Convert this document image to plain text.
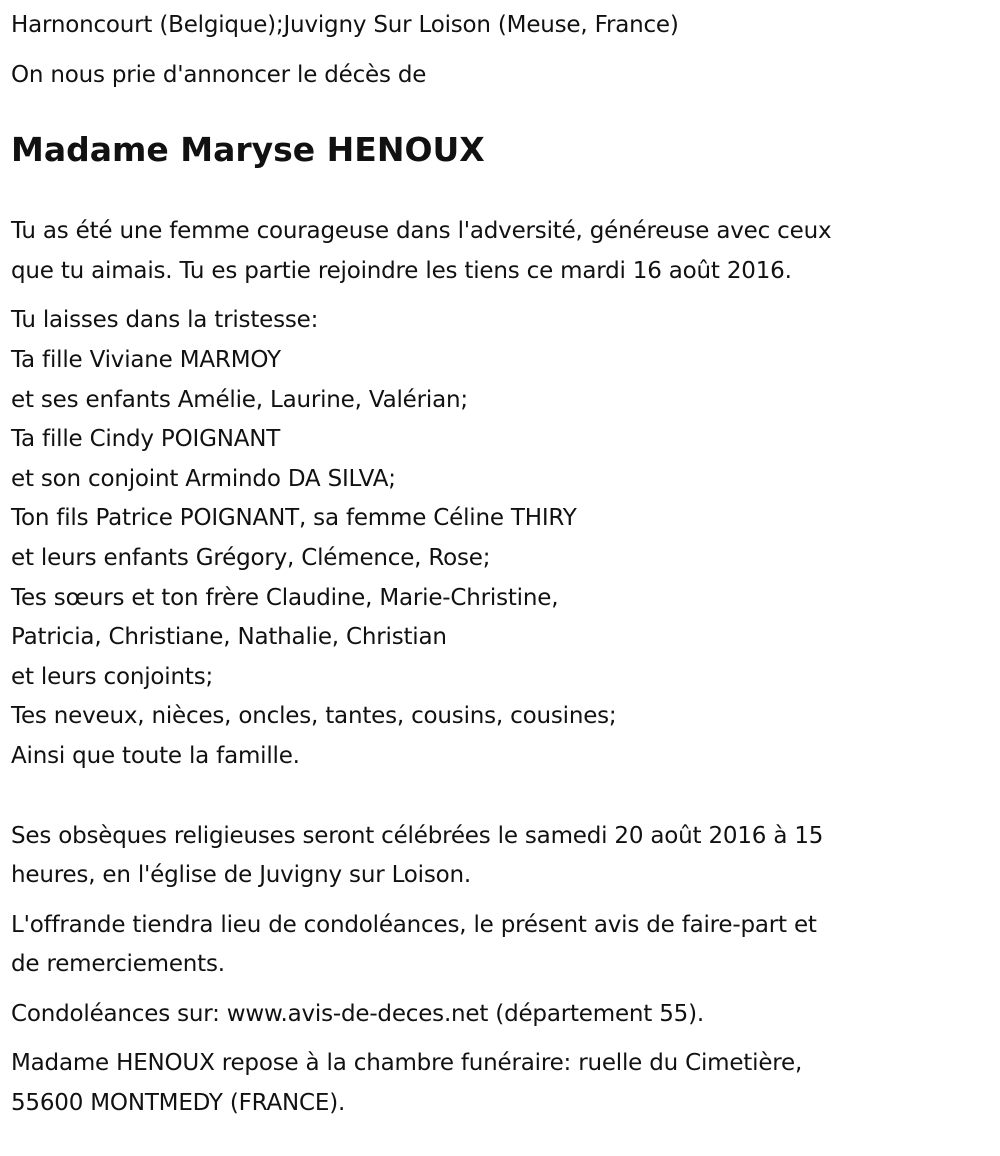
Harnoncourt (Belgique);Juvigny Sur Loison (Meuse, France)
On nous prie d'annoncer le décès de
Madame Maryse HENOUX
Tu as été une femme courageuse dans l'adversité, généreuse avec ceux
que tu aimais. Tu es partie rejoindre les tiens ce mardi 16 août 2016.
Tu laisses dans la tristesse:
Ta fille Viviane MARMOY
et ses enfants Amélie, Laurine, Valérian;
Ta fille Cindy POIGNANT
et son conjoint Armindo DA SILVA;
Ton fils Patrice POIGNANT, sa femme Céline THIRY
et leurs enfants Grégory, Clémence, Rose;
Tes sœurs et ton frère Claudine, Marie-Christine,
Patricia, Christiane, Nathalie, Christian
et leurs conjoints;
Tes neveux, nièces, oncles, tantes, cousins, cousines;
Ainsi que toute la famille.
Ses obsèques religieuses seront célébrées le samedi 20 août 2016 à 15
heures, en l'église de Juvigny sur Loison.
L'offrande tiendra lieu de condoléances, le présent avis de faire-part et
de remerciements.
Condoléances sur: www.avis-de-deces.net (département 55).
Madame HENOUX repose à la chambre funéraire: ruelle du Cimetière,
55600 MONTMEDY (FRANCE).
